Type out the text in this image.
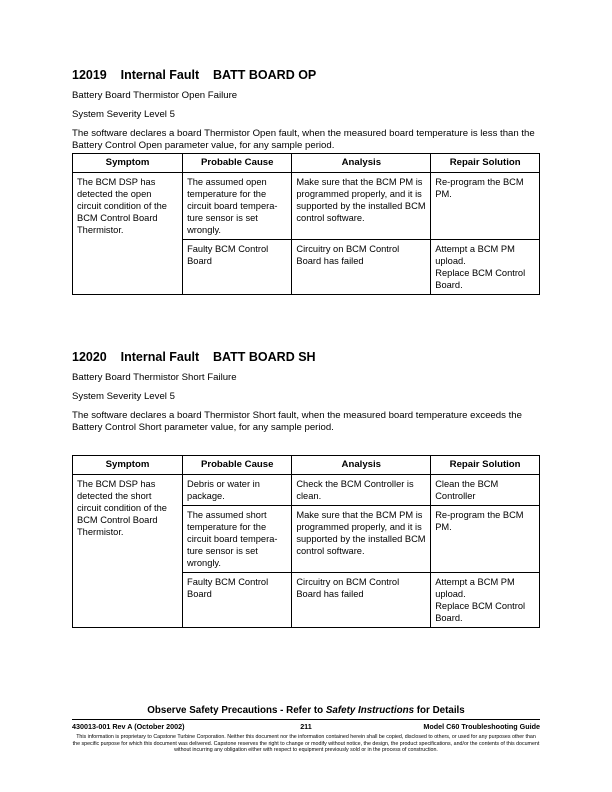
12019    Internal Fault    BATT BOARD OP
Battery Board Thermistor Open Failure
System Severity Level 5
The software declares a board Thermistor Open fault, when the measured board temperature is less than the Battery Control Open parameter value, for any sample period.
Symptom	Probable Cause	Analysis	Repair Solution
The BCM DSP has detected the open circuit condition of the BCM Control Board Thermistor.	The assumed open temperature for the circuit board tempera-ture sensor is set wrongly.	Make sure that the BCM PM is programmed properly, and it is supported by the installed BCM control software.	Re-program the BCM PM.
	Faulty BCM Control Board	Circuitry on BCM Control Board has failed	Attempt a BCM PM upload.
Replace BCM Control Board.
12020    Internal Fault    BATT BOARD SH
Battery Board Thermistor Short Failure
System Severity Level 5
The software declares a board Thermistor Short fault, when the measured board temperature exceeds the Battery Control Short parameter value, for any sample period.
Symptom	Probable Cause	Analysis	Repair Solution
The BCM DSP has detected the short circuit condition of the BCM Control Board Thermistor.	Debris or water in package.	Check the BCM Controller is clean.	Clean the BCM Controller
	The assumed short temperature for the circuit board tempera-ture sensor is set wrongly.	Make sure that the BCM PM is programmed properly, and it is supported by the installed BCM control software.	Re-program the BCM PM.
	Faulty BCM Control Board	Circuitry on BCM Control Board has failed	Attempt a BCM PM upload.
Replace BCM Control Board.
Observe Safety Precautions - Refer to Safety Instructions for Details
430013-001 Rev A (October 2002)	211	Model C60 Troubleshooting Guide
This information is proprietary to Capstone Turbine Corporation. Neither this document nor the information contained herein shall be copied, disclosed to others, or used for any purposes other than the specific purpose for which this document was delivered. Capstone reserves the right to change or modify without notice, the design, the product specifications, and/or the contents of this document without incurring any obligation either with respect to equipment previously sold or in the process of construction.
